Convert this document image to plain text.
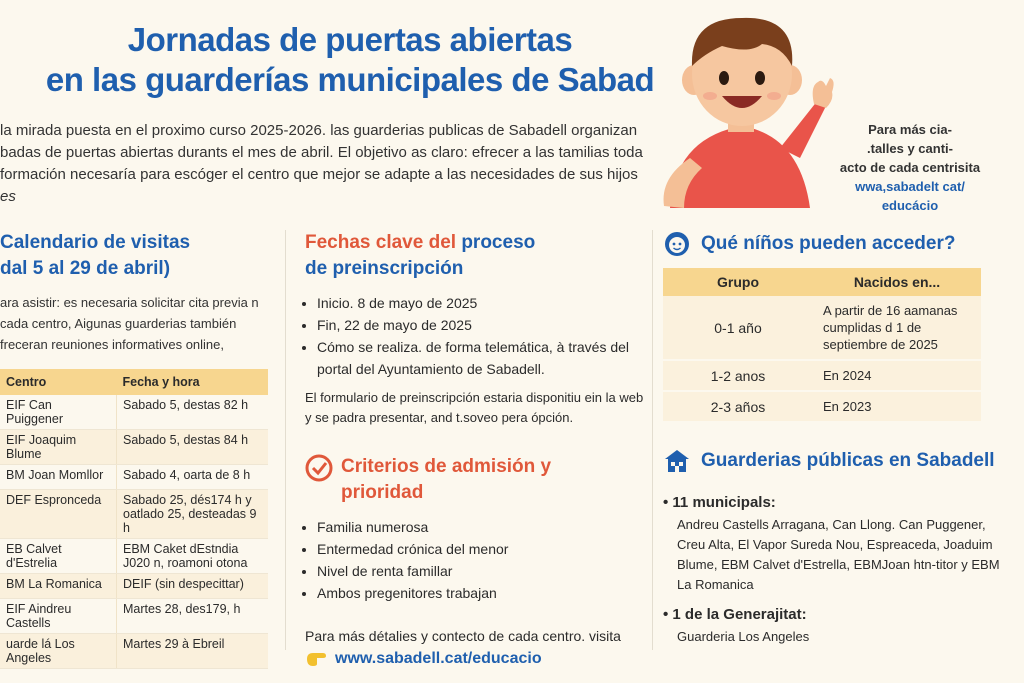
Jornadas de puertas abiertas
en las guarderías municipales de Sabad

la mirada puesta en el proximo curso 2025-2026. las guarderias publicas de Sabadell organizan

badas de puertas abiertas durants el mes de abril. El objetivo as claro: efrecer a las tamilias toda

formación necesaría para escóger el centro que mejor se adapte a las necesidades de sus hijos

es

Para más cia-
.talles y canti-
acto de cada centrisita
wwa,sabadelt cat/
educácio
Calendario de visitas
dal 5 al 29 de abril)
ara asistir: es necesaria solicitar cita previa n cada centro, Aigunas guarderias también freceran reuniones informatives online,
Centro	Fecha y hora
EIF Can Puiggener	Sabado 5, destas 82 h
EIF Joaquim Blume	Sabado 5, destas 84 h
BM Joan Momllor	Sabado 4, oarta de 8 h
DEF Espronceda	Sabado 25, dés174 h y oatlado 25, desteadas 9 h
EB Calvet d'Estrelia	EBM Caket dEstndia J020 n, roamoni otona
BM La Romanica	DEIF (sin despecittar)
EIF Aindreu Castells	Martes 28, des179, h
uarde lá Los Angeles	Martes 29 à Ebreil
Fechas clave del proceso
de preinscripción
• Inicio. 8 de mayo de 2025
• Fin, 22 de mayo de 2025
• Cómo se realiza. de forma telemática, à través del portal del Ayuntamiento de Sabadell.
El formulario de preinscripción estaria disponitiu ein la web y se padra presentar, and t.soveo pera ópción.
Criterios de admisión y
prioridad
• Familia numerosa
• Entermedad crónica del menor
• Nivel de renta famillar
• Ambos pregenitores trabajan
Para más détalies y contecto de cada centro. visita
www.sabadell.cat/educacio
Qué níños pueden acceder?
Grupo	Nacidos en...
0-1 año	A partir de 16 aamanas cumplidas d 1 de septiembre de 2025
1-2 anos	En 2024
2-3 años	En 2023
Guarderias públicas en Sabadell
• 11 municipals:
Andreu Castells Arragana, Can Llong. Can Puggener, Creu Alta, El Vapor Sureda Nou, Espreaceda, Joaduim Blume, EBM Calvet d'Estrella, EBMJoan htn-titor y EBM La Romanica
• 1 de la Generajitat:
Guarderia Los Angeles
